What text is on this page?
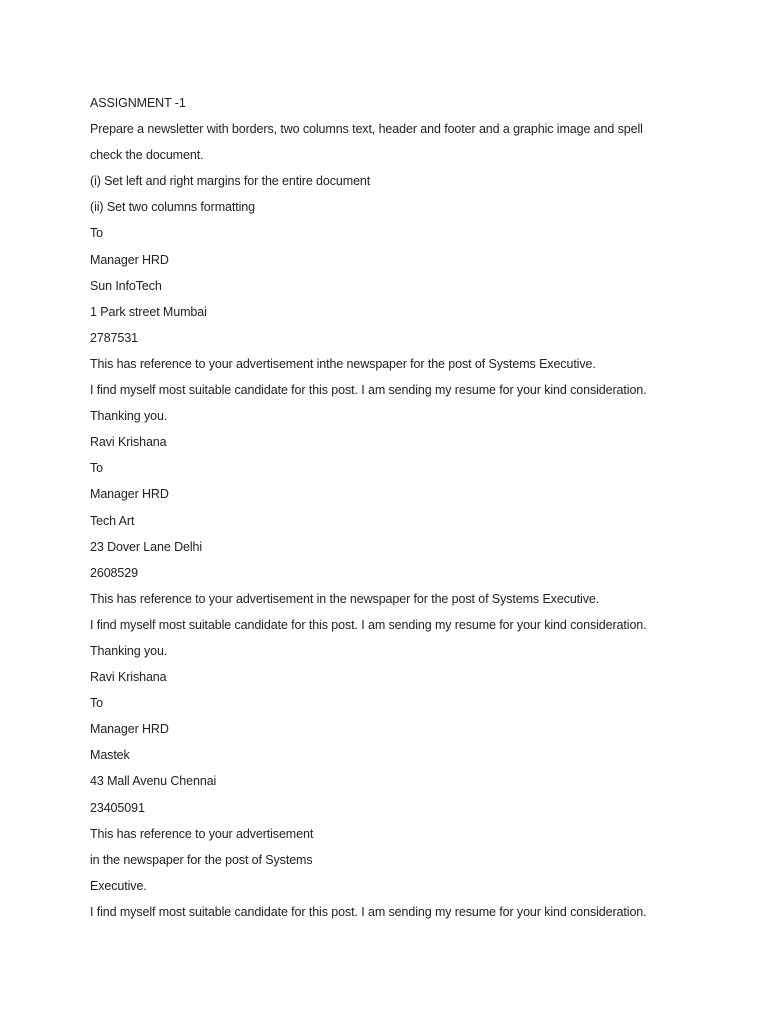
ASSIGNMENT -1
Prepare a newsletter with borders, two columns text, header and footer and a graphic image and spell
check the document.
(i) Set left and right margins for the entire document
(ii) Set two columns formatting
To
Manager HRD
Sun InfoTech
1 Park street Mumbai
2787531
This has reference to your advertisement inthe newspaper for the post of Systems Executive.
I find myself most suitable candidate for this post. I am sending my resume for your kind consideration.
Thanking you.
Ravi Krishana
To
Manager HRD
Tech Art
23 Dover Lane Delhi
2608529
This has reference to your advertisement in the newspaper for the post of Systems Executive.
I find myself most suitable candidate for this post. I am sending my resume for your kind consideration.
Thanking you.
Ravi Krishana
To
Manager HRD
Mastek
43 Mall Avenu Chennai
23405091
This has reference to your advertisement
in the newspaper for the post of Systems
Executive.
I find myself most suitable candidate for this post. I am sending my resume for your kind consideration.
